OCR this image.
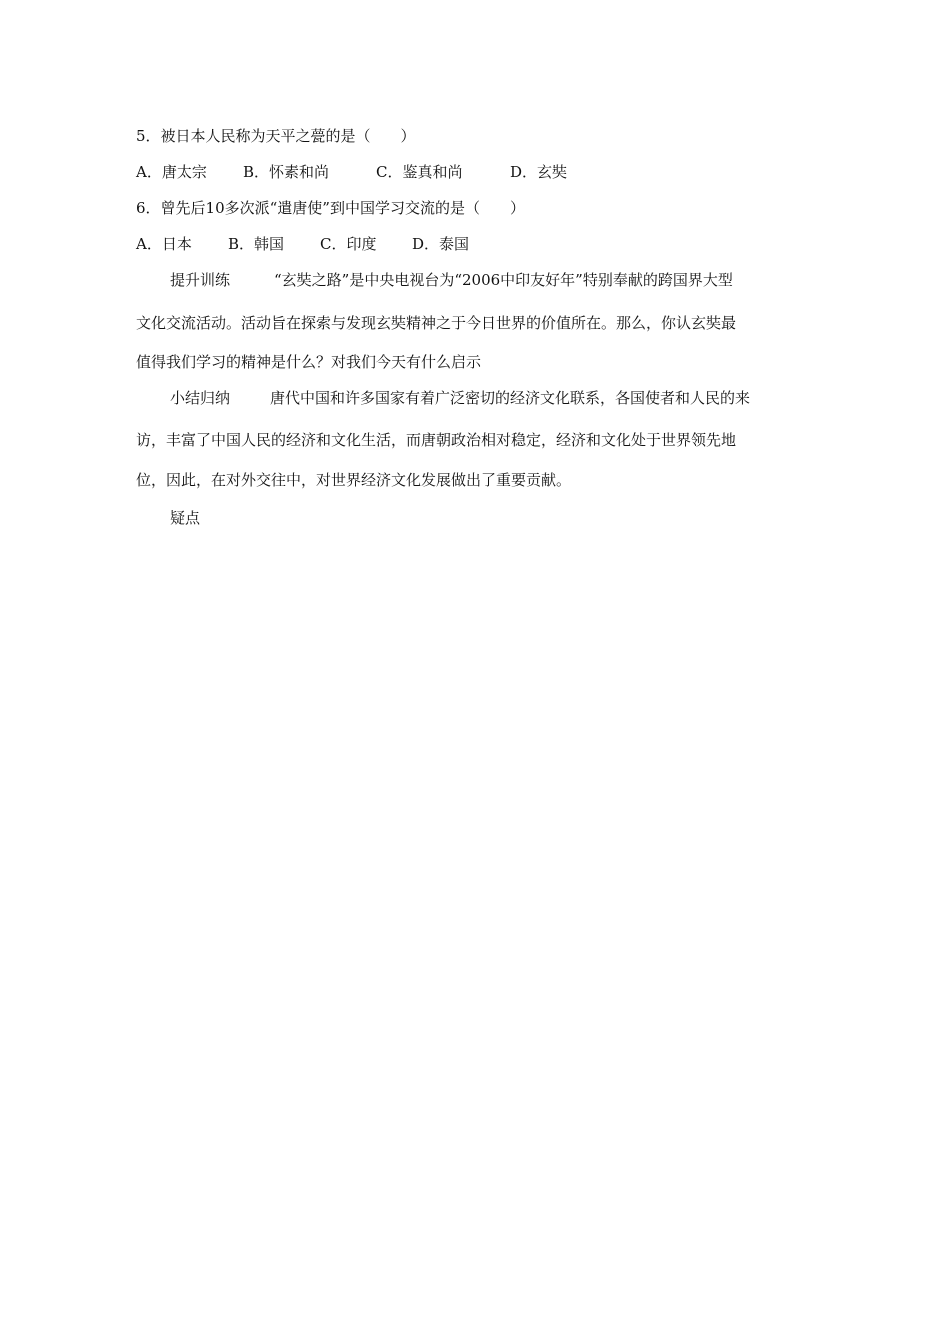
5．被日本人民称为天平之甍的是（　　）
A．唐太宗 B．怀素和尚	C．鉴真和尚	D．玄奘
6．曾先后10多次派“遣唐使”到中国学习交流的是（　　）
A．日本 B．韩国 C．印度 D．泰国
提升训练	“玄奘之路”是中央电视台为“2006中印友好年”特别奉献的跨国界大型
文化交流活动。活动旨在探索与发现玄奘精神之于今日世界的价值所在。那么，你认玄奘最
值得我们学习的精神是什么？对我们今天有什么启示
小结归纳	唐代中国和许多国家有着广泛密切的经济文化联系，各国使者和人民的来
访，丰富了中国人民的经济和文化生活，而唐朝政治相对稳定，经济和文化处于世界领先地
位，因此，在对外交往中，对世界经济文化发展做出了重要贡献。
疑点
